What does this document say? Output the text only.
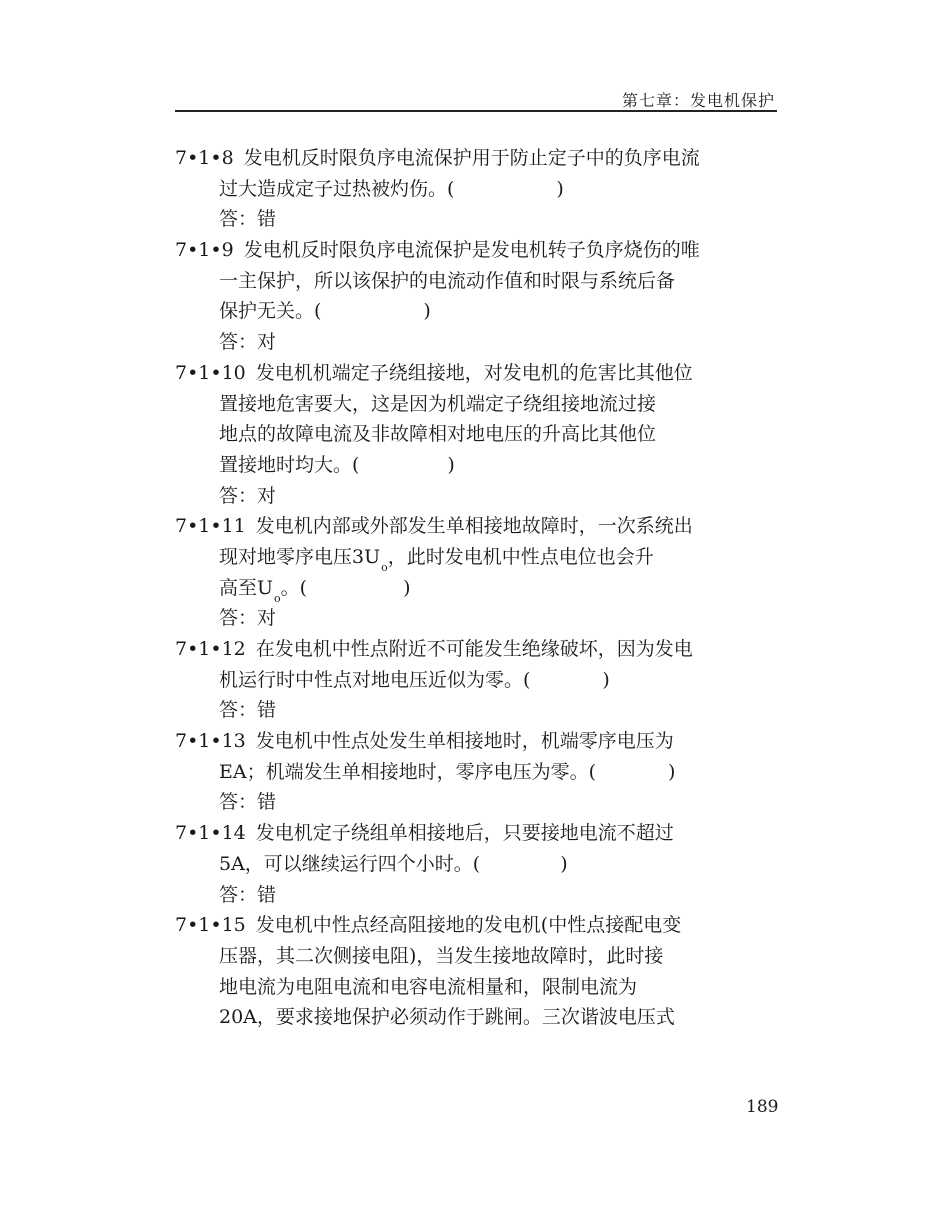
第七章：发电机保护
7•1•8 发电机反时限负序电流保护用于防止定子中的负序电流
过大造成定子过热被灼伤。(	)
答：错
7•1•9 发电机反时限负序电流保护是发电机转子负序烧伤的唯
一主保护，所以该保护的电流动作值和时限与系统后备
保护无关。(	)
答：对
7•1•10 发电机机端定子绕组接地，对发电机的危害比其他位
置接地危害要大，这是因为机端定子绕组接地流过接
地点的故障电流及非故障相对地电压的升高比其他位
置接地时均大。(	)
答：对
7•1•11 发电机内部或外部发生单相接地故障时，一次系统出
现对地零序电压3Uo，此时发电机中性点电位也会升
高至Uo。(	)
答：对
7•1•12 在发电机中性点附近不可能发生绝缘破坏，因为发电
机运行时中性点对地电压近似为零。(	)
答：错
7•1•13 发电机中性点处发生单相接地时，机端零序电压为
EA；机端发生单相接地时，零序电压为零。(	)
答：错
7•1•14 发电机定子绕组单相接地后，只要接地电流不超过
5A，可以继续运行四个小时。(	)
答：错
7•1•15 发电机中性点经高阻接地的发电机(中性点接配电变
压器，其二次侧接电阻)，当发生接地故障时，此时接
地电流为电阻电流和电容电流相量和，限制电流为
20A，要求接地保护必须动作于跳闸。三次谐波电压式
189
